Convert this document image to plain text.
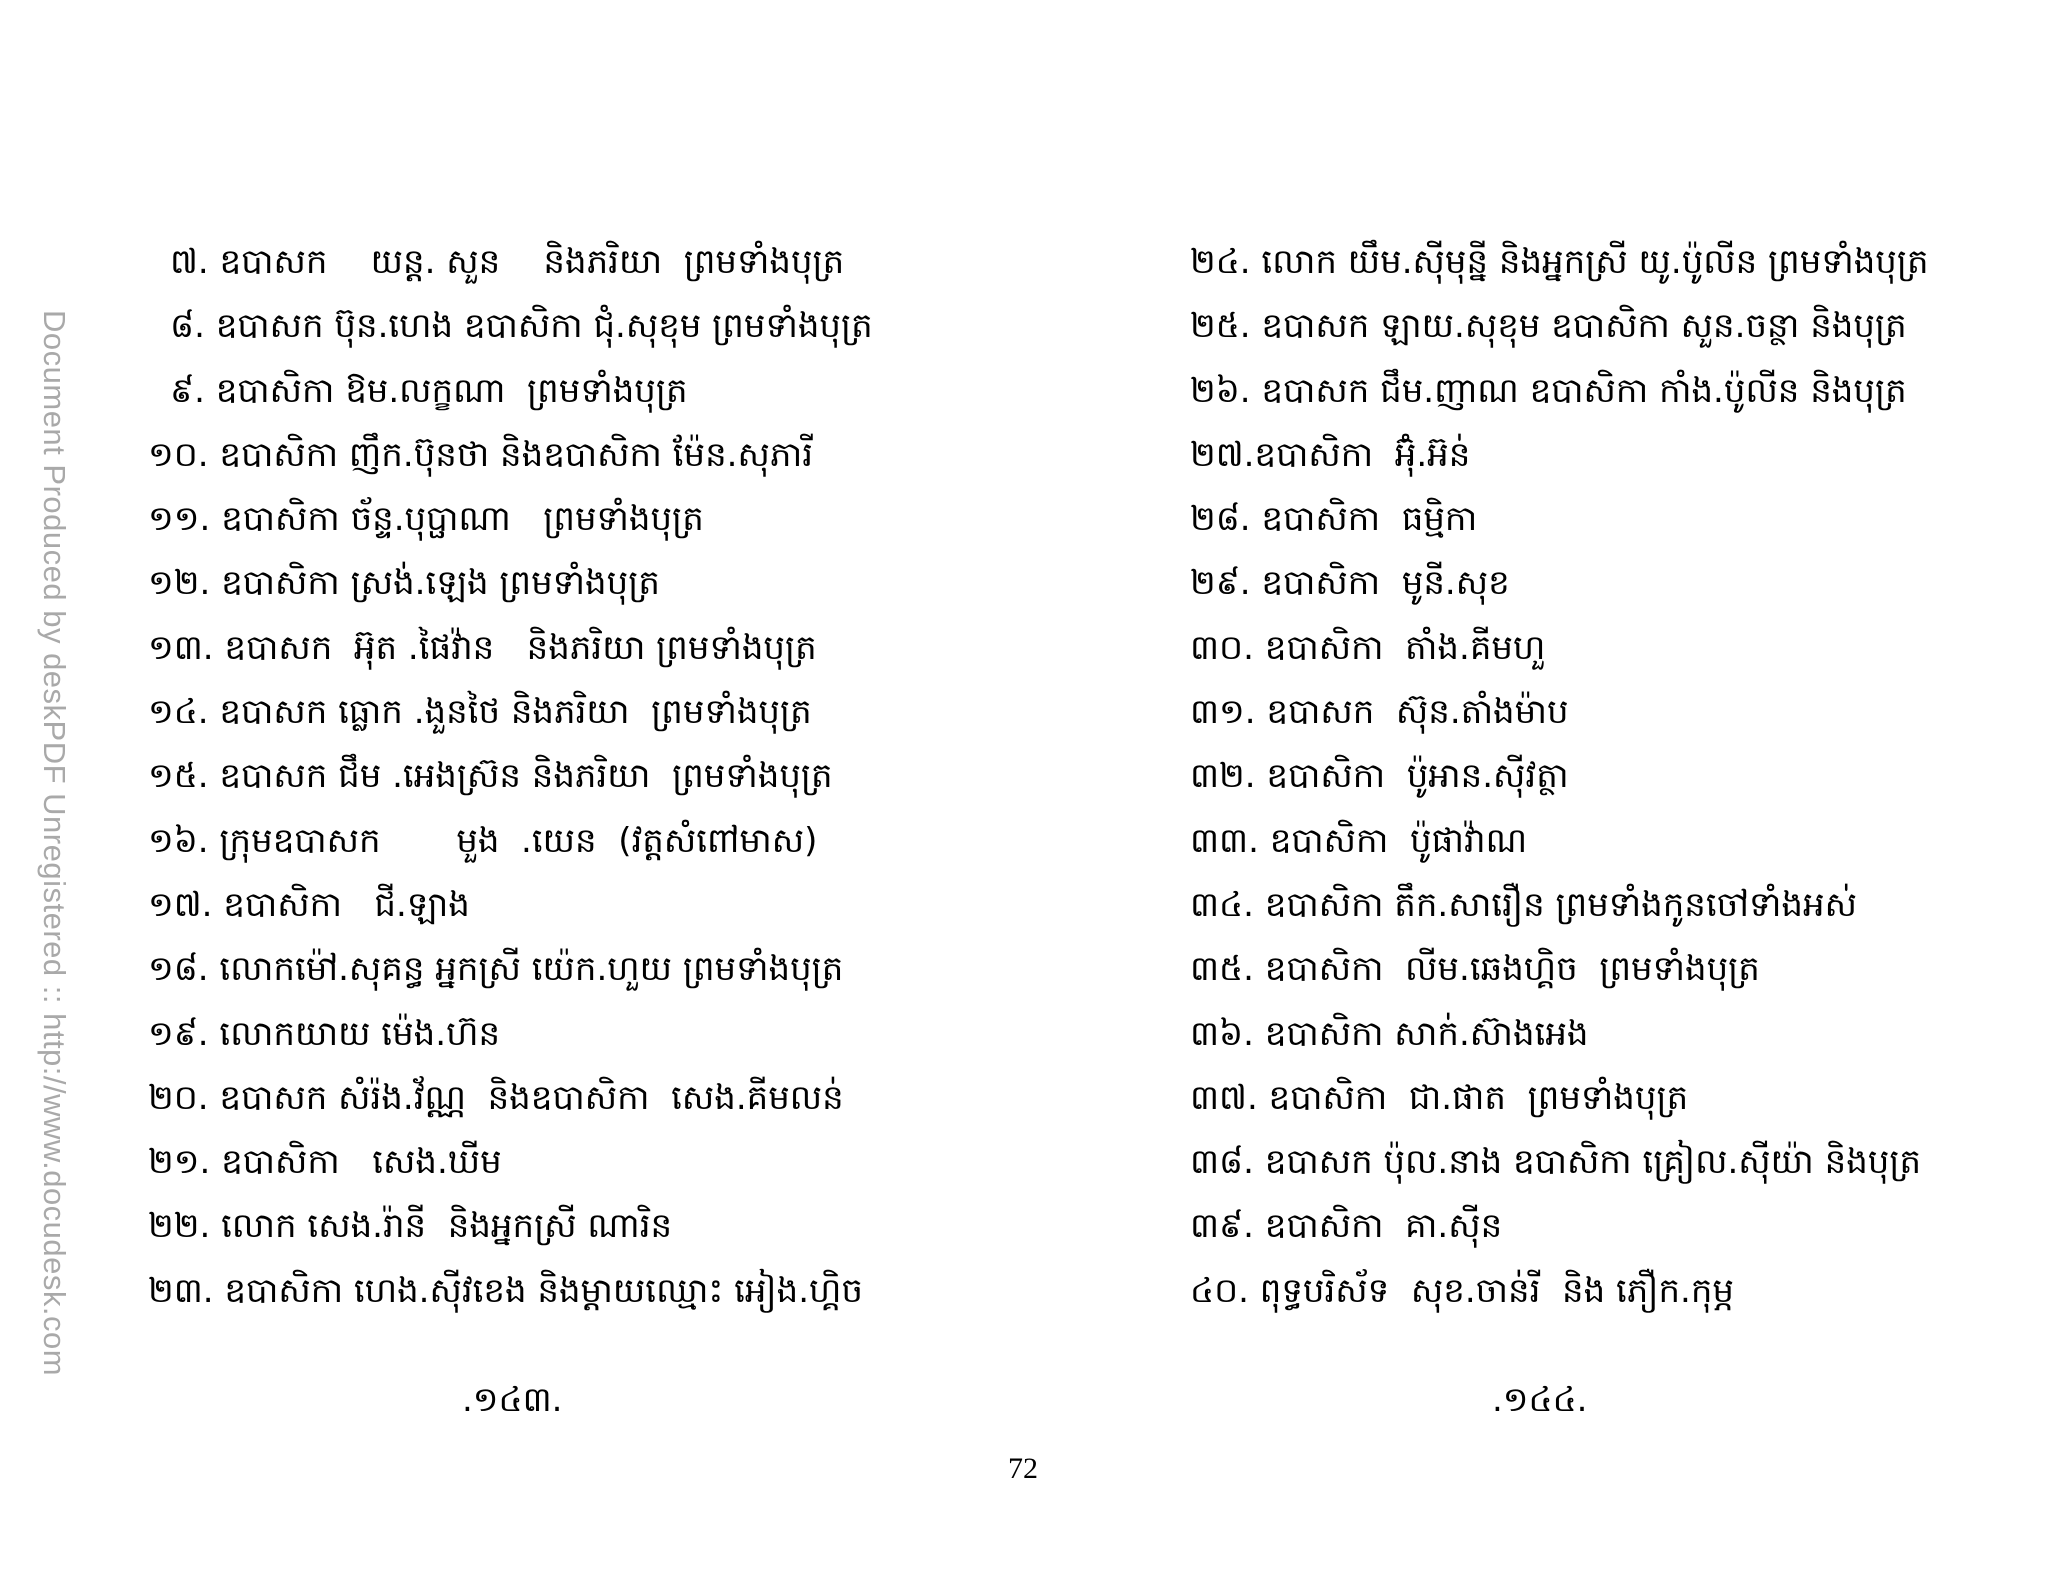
Document Produced by deskPDF Unregistered :: http://www.docudesk.com
៧. ឧបាសក    យន្ត. សួន    និងភរិយា  ព្រមទាំងបុត្រ
៨. ឧបាសក ប៊ុន.ហេង ឧបាសិកា ជុំ.សុខុម ព្រមទាំងបុត្រ
៩. ឧបាសិកា ឱម.លក្ខណា  ព្រមទាំងបុត្រ
១០. ឧបាសិកា ញឹក.ប៊ុនថា និងឧបាសិកា ម៉ែន.សុភារី
១១. ឧបាសិកា ច័ន្ទ.បុប្ផាណា   ព្រមទាំងបុត្រ
១២. ឧបាសិកា ស្រង់.ឡេង ព្រមទាំងបុត្រ
១៣. ឧបាសក  អ៊ុត .ផៃវ៉ាន   និងភរិយា ព្រមទាំងបុត្រ
១៤. ឧបាសក ធ្លោក .ងួនថៃ និងភរិយា  ព្រមទាំងបុត្រ
១៥. ឧបាសក ជឹម .អេងស្រ៊ន និងភរិយា  ព្រមទាំងបុត្រ
១៦. ក្រុមឧបាសក       មួង  .យេន  (វត្តសំពៅមាស)
១៧. ឧបាសិកា   ជី.ឡាង
១៨. លោកម៉ៅ.សុគន្ធ អ្នកស្រី យ៉េក.ហួយ ព្រមទាំងបុត្រ
១៩. លោកយាយ ម៉េង.ហ៊ន
២០. ឧបាសក សំរ៉ង.វ័ណ្ណ  និងឧបាសិកា  សេង.គីមលន់
២១. ឧបាសិកា   សេង.ឃីម
២២. លោក សេង.រ៉ានី  និងអ្នកស្រី ណារិន
២៣. ឧបាសិកា ហេង.ស៊ីវខេង និងម្តាយឈ្មោះ អៀង.ហ្គិច
២៤. លោក យឹម.ស៊ីមុន្នី និងអ្នកស្រី យូ.ប៉ូលីន ព្រមទាំងបុត្រ
២៥. ឧបាសក ឡាយ.សុខុម ឧបាសិកា សួន.ចន្ថា និងបុត្រ
២៦. ឧបាសក ជឹម.ញាណ ឧបាសិកា កាំង.ប៉ូលីន និងបុត្រ
២៧.ឧបាសិកា  អ៊ុំ.អ៊ន់
២៨. ឧបាសិកា  ធម្មិកា
២៩. ឧបាសិកា  មូនី.សុខ
៣០. ឧបាសិកា  តាំង.គីមហួ
៣១. ឧបាសក  ស៊ុន.តាំងម៉ាប
៣២. ឧបាសិកា  ប៉ូអាន.ស៊ីវត្ថា
៣៣. ឧបាសិកា  ប៉ូផាវ៉ាណ
៣៤. ឧបាសិកា តឹក.សារឿន ព្រមទាំងកូនចៅទាំងអស់
៣៥. ឧបាសិកា  លីម.ឆេងហ្គិច  ព្រមទាំងបុត្រ
៣៦. ឧបាសិកា សាក់.ស៊ាងអេង
៣៧. ឧបាសិកា  ជា.ផាត  ព្រមទាំងបុត្រ
៣៨. ឧបាសក ប៉ុល.នាង ឧបាសិកា គ្រៀល.ស៊ីយ៉ា និងបុត្រ
៣៩. ឧបាសិកា  គា.ស៊ីន
៤០. ពុទ្ធបរិស័ទ  សុខ.ចាន់រី  និង ភឿក.កុម្ភ
.១៤៣.	.១៤៤.
72
